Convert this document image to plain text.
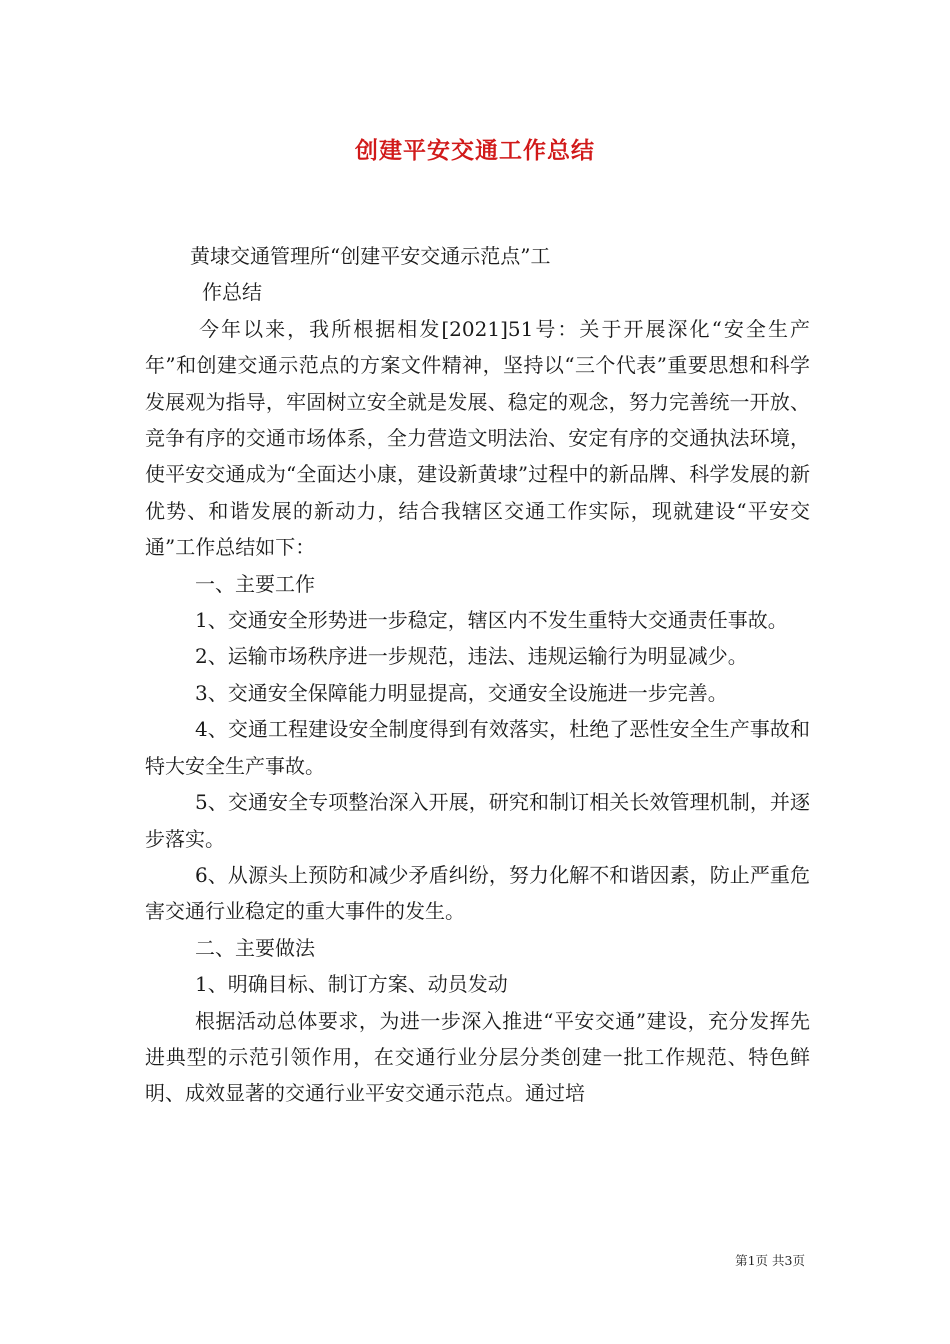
创建平安交通工作总结

黄埭交通管理所“创建平安交通示范点”工

作总结

今年以来，我所根据相发[2021]51号：关于开展深化“安全生产年”和创建交通示范点的方案文件精神，坚持以“三个代表”重要思想和科学发展观为指导，牢固树立安全就是发展、稳定的观念，努力完善统一开放、竞争有序的交通市场体系，全力营造文明法治、安定有序的交通执法环境，使平安交通成为“全面达小康，建设新黄埭”过程中的新品牌、科学发展的新优势、和谐发展的新动力，结合我辖区交通工作实际，现就建设“平安交通”工作总结如下：

一、主要工作

1、交通安全形势进一步稳定，辖区内不发生重特大交通责任事故。

2、运输市场秩序进一步规范，违法、违规运输行为明显减少。

3、交通安全保障能力明显提高，交通安全设施进一步完善。

4、交通工程建设安全制度得到有效落实，杜绝了恶性安全生产事故和特大安全生产事故。

5、交通安全专项整治深入开展，研究和制订相关长效管理机制，并逐步落实。

6、从源头上预防和减少矛盾纠纷，努力化解不和谐因素，防止严重危害交通行业稳定的重大事件的发生。

二、主要做法

1、明确目标、制订方案、动员发动

根据活动总体要求，为进一步深入推进“平安交通”建设，充分发挥先进典型的示范引领作用，在交通行业分层分类创建一批工作规范、特色鲜明、成效显著的交通行业平安交通示范点。通过培

第1页 共3页
